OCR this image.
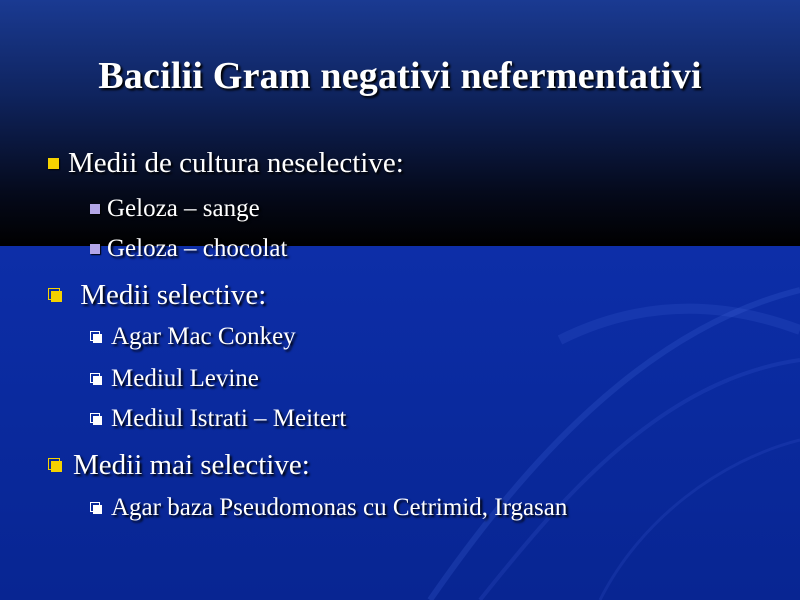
Bacilii Gram negativi nefermentativi
Medii de cultura neselective:
Geloza – sange
Geloza – chocolat
Medii selective:
Agar Mac Conkey
Mediul Levine
Mediul Istrati – Meitert
Medii mai selective:
Agar baza Pseudomonas cu Cetrimid, Irgasan
